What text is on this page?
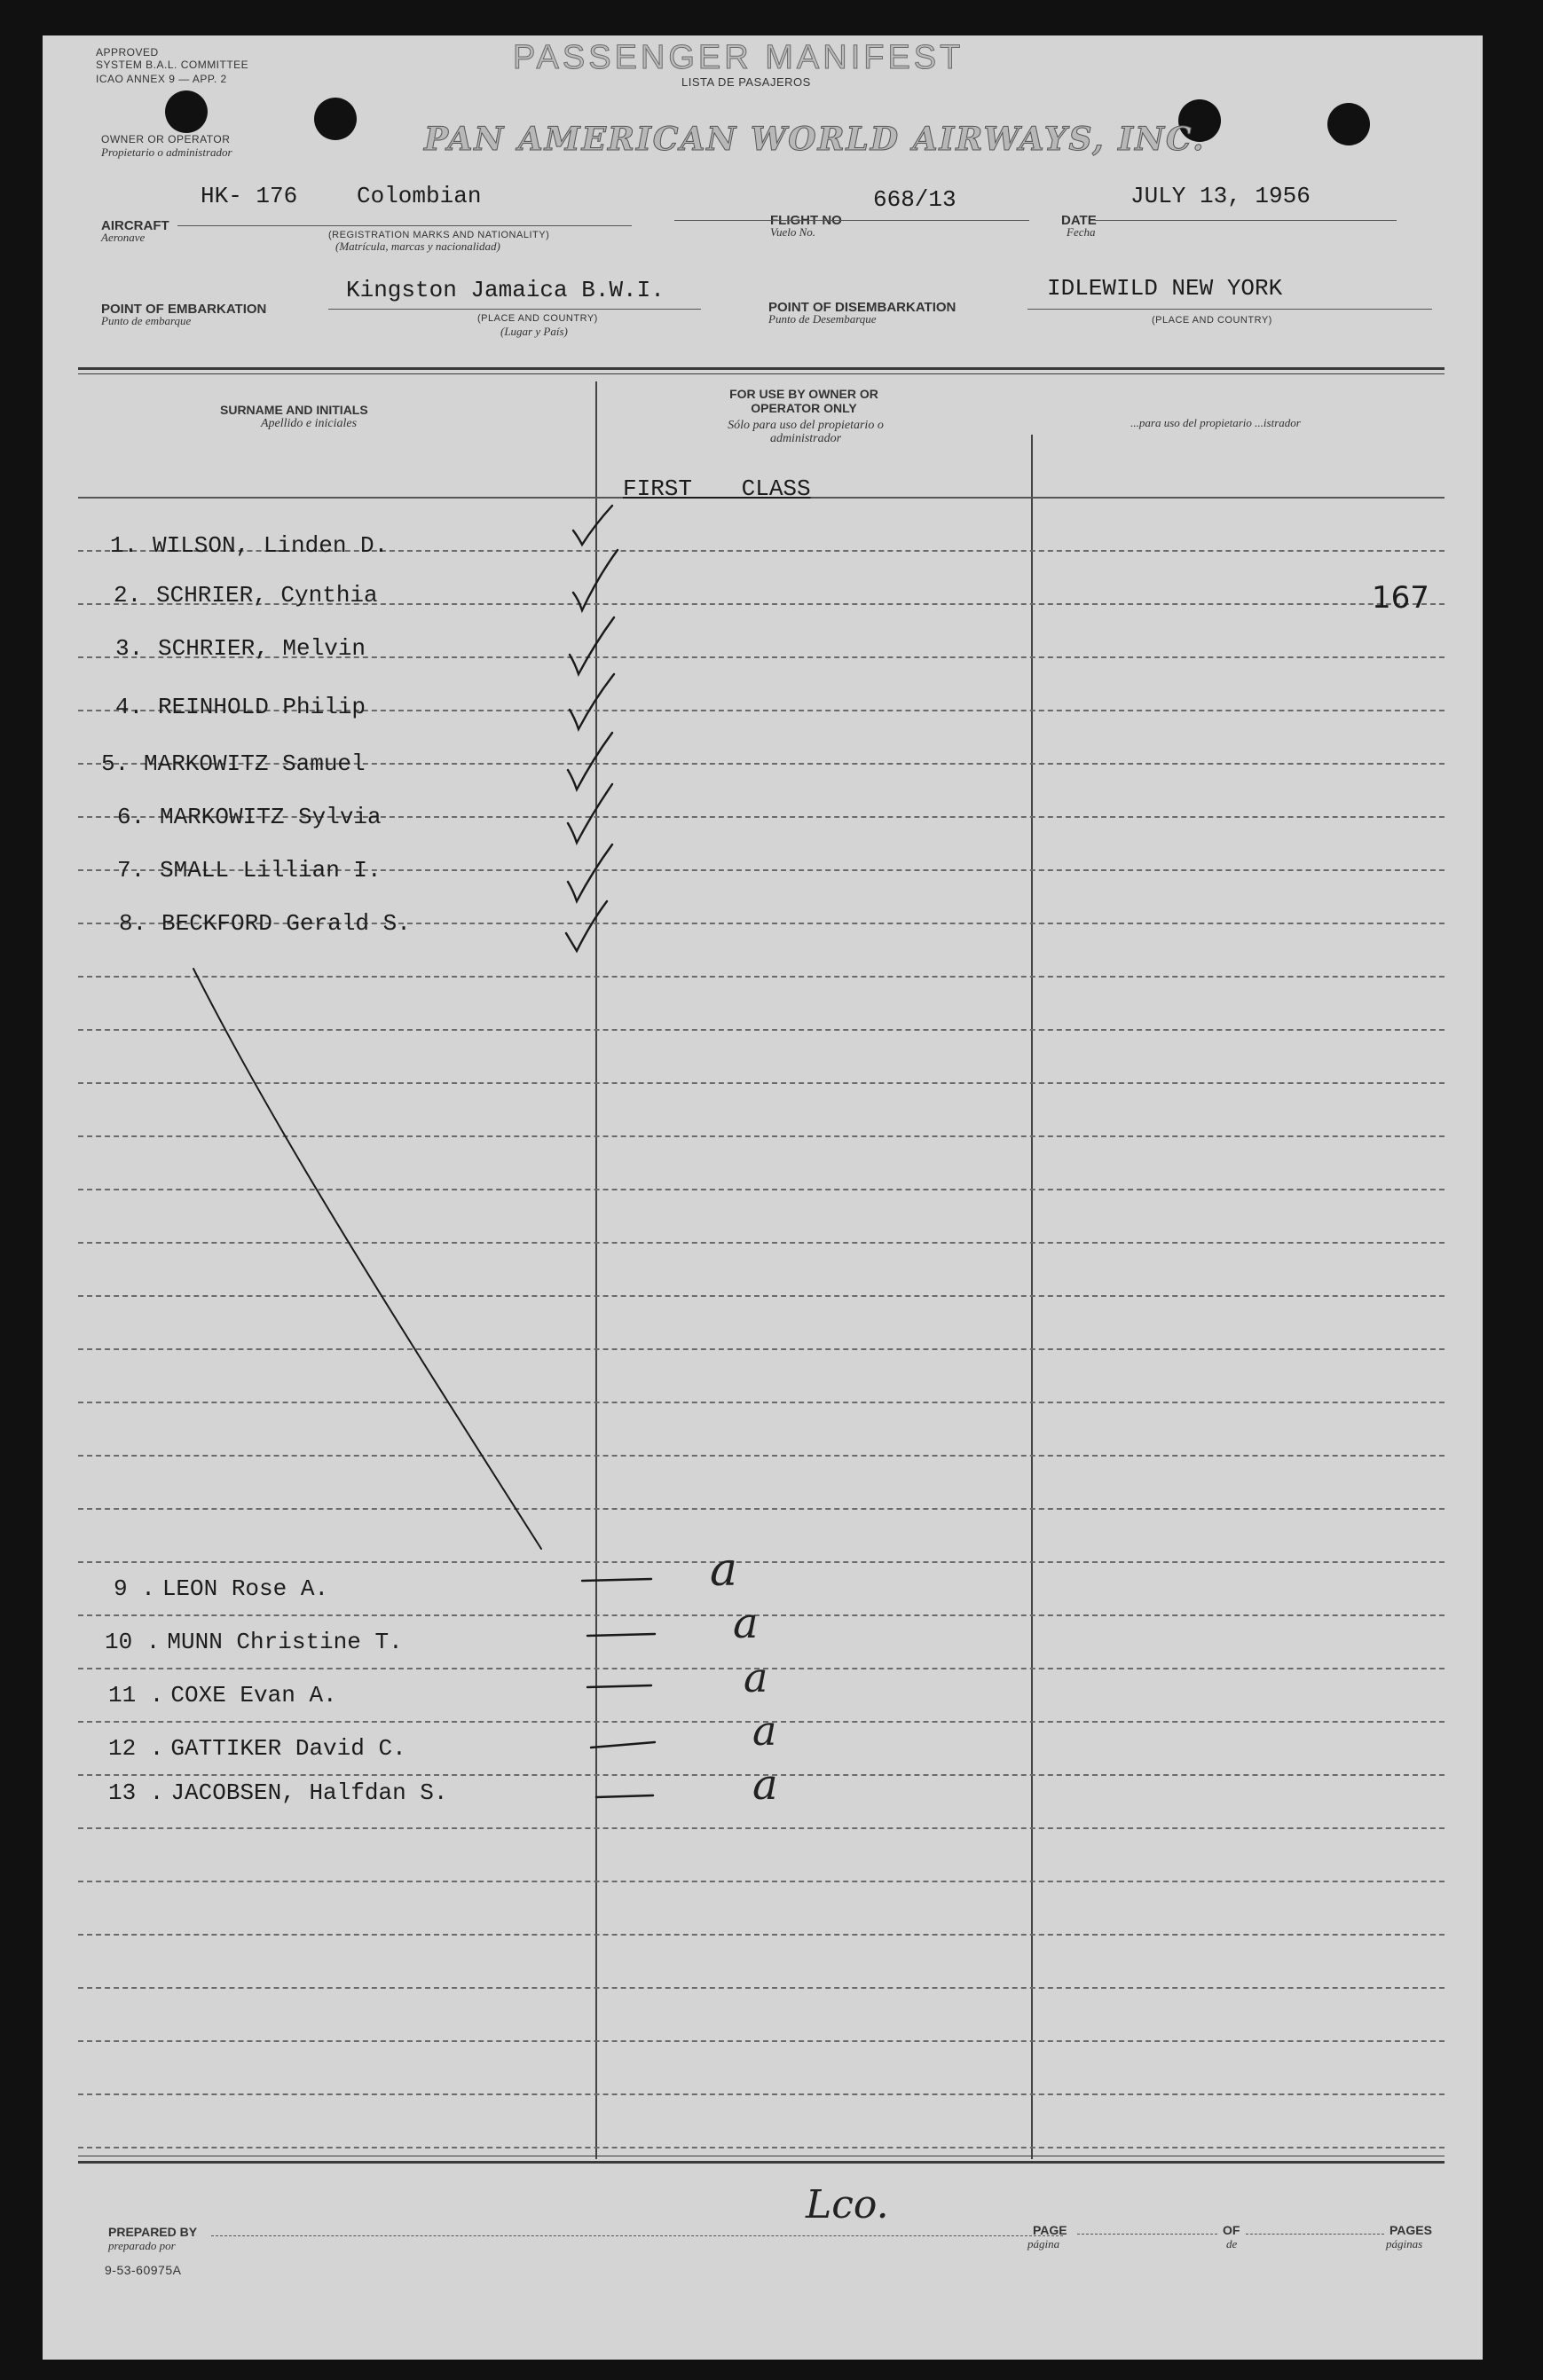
APPROVED
SYSTEM B.A.L. COMMITTEE
ICAO ANNEX 9 — APP. 2
PASSENGER MANIFEST
LISTA DE PASAJEROS
OWNER OR OPERATOR
Propietario o administrador	PAN AMERICAN WORLD AIRWAYS, INC.
HK- 176	Colombian
AIRCRAFT
Aeronave	(REGISTRATION MARKS AND NATIONALITY)
(Matrícula, marcas y nacionalidad)
668/13
FLIGHT NO
Vuelo No.
JULY 13, 1956
DATE
Fecha
Kingston Jamaica B.W.I.
POINT OF EMBARKATION
Punto de embarque	(PLACE AND COUNTRY)
(Lugar y País)
IDLEWILD NEW YORK
POINT OF DISEMBARKATION
Punto de Desembarque	(PLACE AND COUNTRY)
SURNAME AND INITIALS
Apellido e iniciales
FOR USE BY OWNER OR OPERATOR ONLY
Sólo para uso del propietario o administrador
...para uso del propietario ...istrador
FIRST CLASS
167
1. WILSON, Linden D.
2. SCHRIER, Cynthia
3. SCHRIER, Melvin
4. REINHOLD Philip
5. MARKOWITZ Samuel
6. MARKOWITZ Sylvia
7. SMALL Lillian I.
8. BECKFORD Gerald S.
9 . LEON Rose A.
10 . MUNN Christine T.
11 . COXE Evan A.
12 . GATTIKER David C.
13 . JACOBSEN, Halfdan S.
a
a
a
a
a
Lco.
PREPARED BY
preparado por
PAGE
página
OF
de
PAGES
páginas
9-53-60975A
